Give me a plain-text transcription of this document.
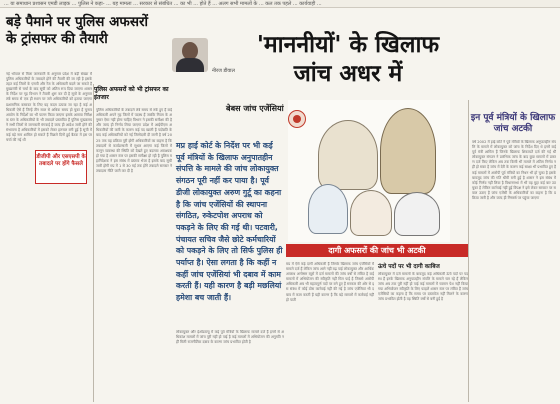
... या समाधान प्रशासन एमडी लाइक ... पुलिस ने कहा- ... यह मामला ... सरकार से संबंधित ... का भी ... होते हैं ... अलग सभी मामलों के ... कल तक पहले ... कार्यवाही ...
बड़े पैमाने पर पुलिस अफसरों के ट्रांसफर की तैयारी
नई भोपाल से मिला जानकारी के अनुसार प्रदेश में बड़ी संख्या में पुलिस अधिकारियों के तबादले होने की तैयारी की जा रही है इसके तहत कई जिलों के एसपी और रेंज के अधिकारी बदले जा सकते हैं मुख्यमंत्री से चर्चा के बाद सूची को अंतिम रूप दिया जाएगा शासन के निर्देश पर गृह विभाग ने तैयारी शुरू कर दी है सूत्रों के अनुसार लंबे समय से एक ही स्थान पर जमे अधिकारियों को हटाया जाएगा प्रशासनिक कसावट के लिए यह कदम उठाया जा रहा है कई अधिकारी ऐसे हैं जिन्हें तीन साल से अधिक समय हो चुका है चुनाव आयोग के निर्देशों का भी पालन किया जाएगा इसके अलावा निरीक्षक स्तर के अधिकारियों के भी तबादले प्रस्तावित हैं पुलिस मुख्यालय ने सभी जिलों से जानकारी मंगवाई है जल्द ही आदेश जारी होने की संभावना है अधिकारियों में इसको लेकर हलचल बनी हुई है सूची में कई बड़े नाम शामिल हो सकते हैं पिछले दिनों हुई बैठक में इस पर चर्चा की गई थी
डीजीपी और एसएसपी के तबादले पर होंगे फैसले
पुलिस अफसरों को भी ट्रांसफर का इंतजार
पुलिस अधिकारियों के तबादले लंबे समय से रुके हुए हैं कई अधिकारी अपने गृह जिलों में पदस्थ हैं जबकि नियम के अनुसार ऐसा नहीं होना चाहिए विभाग ने इसकी समीक्षा की है और जल्द ही निर्णय लिया जाएगा प्रदेश में आईपीएस अधिकारियों की कमी के कारण कई पद खाली हैं पदोन्नति के बाद कई अधिकारियों को नई जिम्मेदारी दी जानी है वर्ष 2025 तक यह प्रक्रिया पूरी होगी अधिकारियों का कहना है कि तबादलों से कार्यप्रणाली में सुधार आएगा कई जिलों में कानून व्यवस्था की स्थिति को देखते हुए बदलाव आवश्यक हो गया है शासन स्तर पर इसकी समीक्षा हो रही है पुलिस महानिदेशक ने इस संबंध में प्रस्ताव भेजा है इसके बाद सूची जारी होगी मप्र में 1 से 30 मई तक होंगे तबादले सरकार ने तबादला नीति जारी कर दी है
नीरज डीवाल
'माननीयों' के खिलाफ
जांच अधर में
बेबस जांच एजेंसियां
मप्र हाई कोर्ट के निर्देश पर भी कई पूर्व मंत्रियों के खिलाफ अनुपातहीन संपत्ति के मामले की जांच लोकायुक्त संगठन पूरी नहीं कर पाया है। पूर्व डीजी लोकायुक्त अरुण गुर्टू का कहना है कि जांच एजेंसियों की स्थापना संगठित, रुकेटपोश अपराध को पकड़ने के लिए की गई थी। पटवारी, पंचायत सचिव जैसे छोटे कर्मचारियों को पकड़ने के लिए तो सिर्फ पुलिस ही पर्याप्त है। ऐसा लगता है कि कहीं न कहीं जांच एजेंसियां भी दबाव में काम करती हैं। यही कारण है बड़ी मछलियां हमेशा बच जाती हैं।
दागी अफसरों की जांच भी अटकी
मप्र में ऐसे कई दागी अधिकारी हैं जिनके खिलाफ जांच एजेंसियों में मामले दर्ज हैं लेकिन जांच आगे नहीं बढ़ पाई लोकायुक्त और आर्थिक अपराध अन्वेषण ब्यूरो में दर्ज मामलों की जांच वर्षों से लंबित है कई मामलों में अभियोजन की स्वीकृति नहीं मिल पाई है जिससे आरोपी अधिकारी अब भी महत्वपूर्ण पदों पर बने हुए हैं सरकार की ओर से इस संबंध में कोई ठोस कार्रवाई नहीं की गई है जांच एजेंसियां भी दबाव में काम करती हैं यही कारण है कि बड़े मामलों में कार्रवाई नहीं हो पाती
ऊंचे पदों पर भी दागी काबिज
लोकायुक्त में दर्ज मामलों के बावजूद कई अधिकारी ऊंचे पदों पर पदस्थ हैं इनके खिलाफ अनुपातहीन संपत्ति के मामले चल रहे हैं लेकिन जांच अब तक पूरी नहीं हो पाई कई मामलों में चालान पेश नहीं किया गया अभियोजन स्वीकृति के लिए फाइलें शासन स्तर पर लंबित हैं जांच एजेंसियों का कहना है कि समय पर दस्तावेज नहीं मिलने के कारण जांच प्रभावित होती है यह स्थिति वर्षों से बनी हुई है
लोकायुक्त और ईओडब्ल्यू में कई पूर्व मंत्रियों के खिलाफ मामले दर्ज हैं इनमें से अधिकांश मामलों में जांच पूरी नहीं हो पाई है कई मामलों में अभियोजन की अनुमति नहीं मिली राजनीतिक दबाव के कारण जांच प्रभावित होती है
इन पूर्व मंत्रियों के खिलाफ जांच अटकी
वर्ष 2002 में हाई कोर्ट ने पूर्व मंत्रियों के खिलाफ अनुपातहीन संपत्ति के मामले में लोकायुक्त को जांच के निर्देश दिए थे इनमें कई पूर्व मंत्री शामिल हैं जिनके खिलाफ शिकायतें दर्ज की गई थीं लोकायुक्त संगठन ने प्रारंभिक जांच के बाद कुछ मामलों में प्रकरण दर्ज किए लेकिन अब तक किसी भी मामले में अंतिम निर्णय नहीं हो सका है जांच में देरी के कारण कई साक्ष्य भी प्रभावित हुए हैं कई मामलों में आरोपी पूर्व मंत्रियों का निधन भी हो चुका है इसके बावजूद जांच की गति धीमी बनी हुई है शासन ने इस संबंध में कोई निर्णय नहीं लिया है विधानसभा में भी यह मुद्दा कई बार उठ चुका है लेकिन कार्रवाई नहीं हुई विपक्ष ने इसे लेकर सरकार पर सवाल उठाए हैं जांच एजेंसी के अधिकारियों का कहना है कि प्रक्रिया जारी है और जल्द ही निष्कर्ष पर पहुंचा जाएगा
